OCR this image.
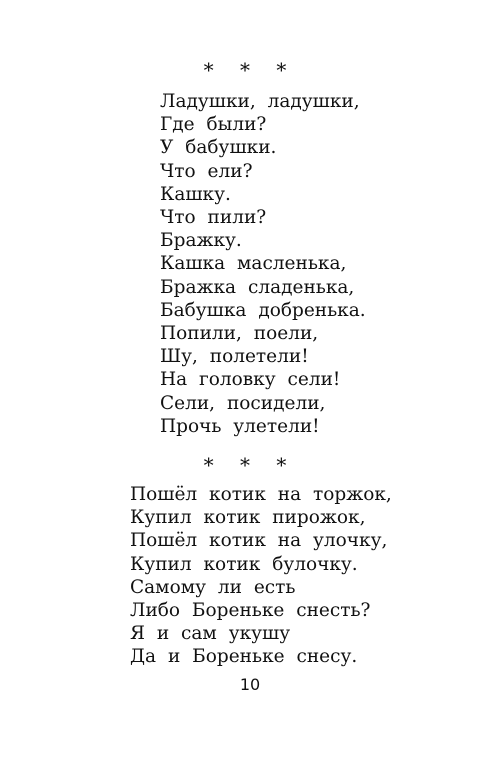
* * *
Ладушки, ладушки,
Где были?
У бабушки.
Что ели?
Кашку.
Что пили?
Бражку.
Кашка масленька,
Бражка сладенька,
Бабушка добренька.
Попили, поели,
Шу, полетели!
На головку сели!
Сели, посидели,
Прочь улетели!
* * *
Пошёл котик на торжок,
Купил котик пирожок,
Пошёл котик на улочку,
Купил котик булочку.
Самому ли есть
Либо Бореньке снесть?
Я и сам укушу
Да и Бореньке снесу.
10
